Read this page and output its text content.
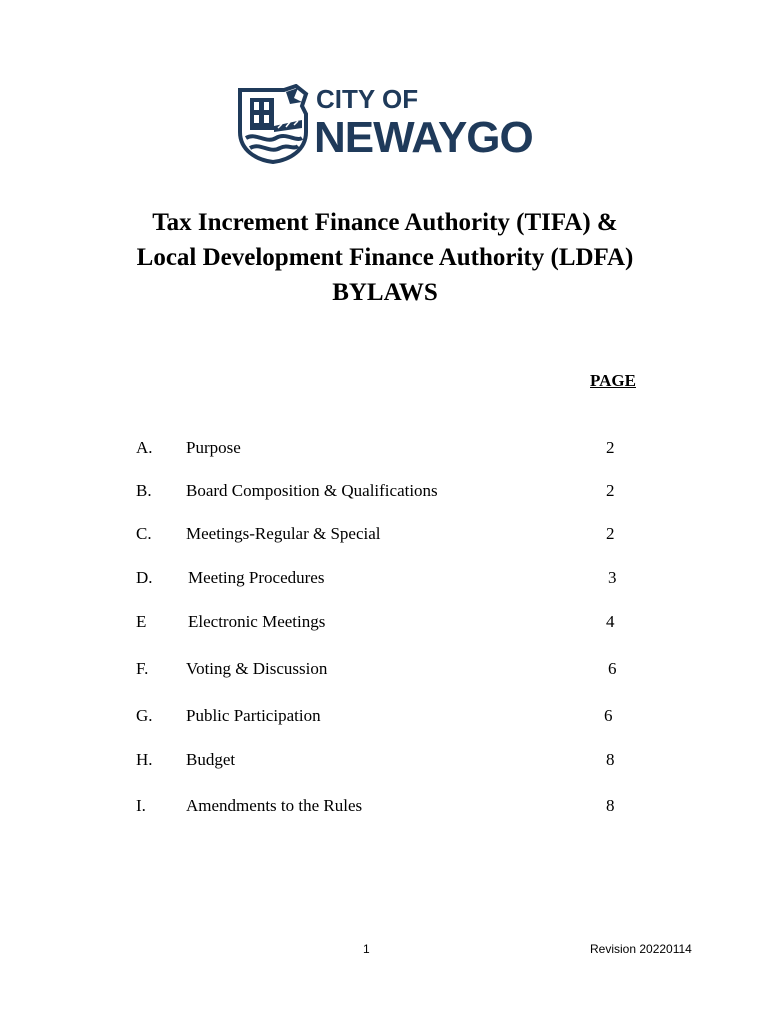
CITY OF
NEWAYGO
Tax Increment Finance Authority (TIFA) &
Local Development Finance Authority (LDFA)
BYLAWS
PAGE
A. Purpose	2
B. Board Composition & Qualifications	2
C. Meetings-Regular & Special	2
D. Meeting Procedures	3
E Electronic Meetings	4
F. Voting & Discussion	6
G. Public Participation	6
H. Budget	8
I. Amendments to the Rules	8
1	Revision 20220114
